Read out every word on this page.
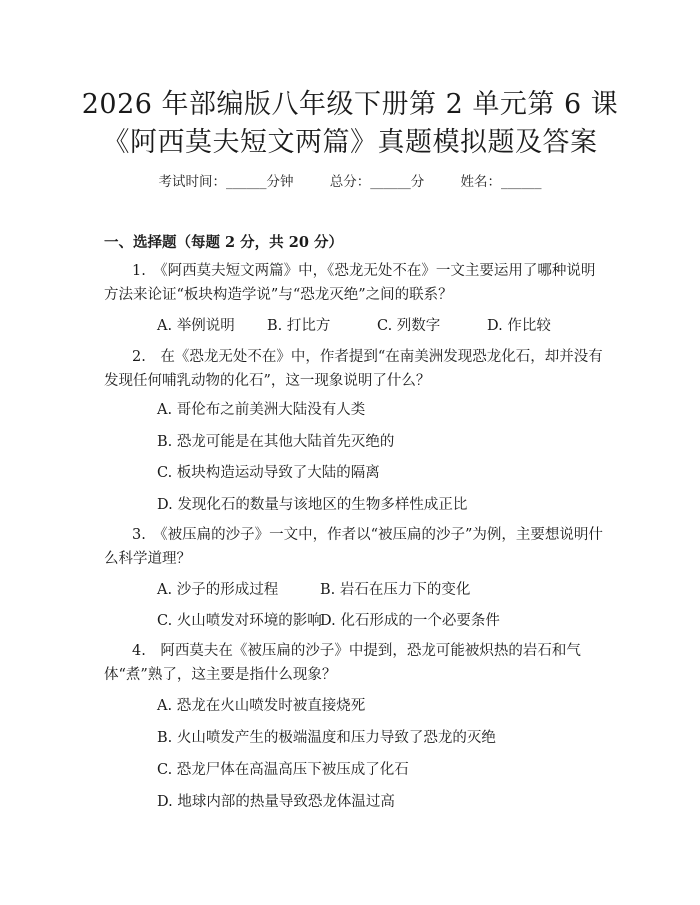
2026 年部编版八年级下册第 2 单元第 6 课
《阿西莫夫短文两篇》真题模拟题及答案
考试时间：______分钟	总分：______分	姓名：______
一、选择题（每题 2 分，共 20 分）
1.　《阿西莫夫短文两篇》中，《恐龙无处不在》一文主要运用了哪种说明方法来论证“板块构造学说”与“恐龙灭绝”之间的联系？
A. 举例说明 B. 打比方	C. 列数字	D. 作比较
2.　在《恐龙无处不在》中，作者提到“在南美洲发现恐龙化石，却并没有发现任何哺乳动物的化石”，这一现象说明了什么？
A. 哥伦布之前美洲大陆没有人类
B. 恐龙可能是在其他大陆首先灭绝的
C. 板块构造运动导致了大陆的隔离
D. 发现化石的数量与该地区的生物多样性成正比
3.　《被压扁的沙子》一文中，作者以“被压扁的沙子”为例，主要想说明什么科学道理？
A. 沙子的形成过程	B. 岩石在压力下的变化
C. 火山喷发对环境的影响
D. 化石形成的一个必要条件
4.　阿西莫夫在《被压扁的沙子》中提到，恐龙可能被炽热的岩石和气体“煮”熟了，这主要是指什么现象？
A. 恐龙在火山喷发时被直接烧死
B. 火山喷发产生的极端温度和压力导致了恐龙的灭绝
C. 恐龙尸体在高温高压下被压成了化石
D. 地球内部的热量导致恐龙体温过高
